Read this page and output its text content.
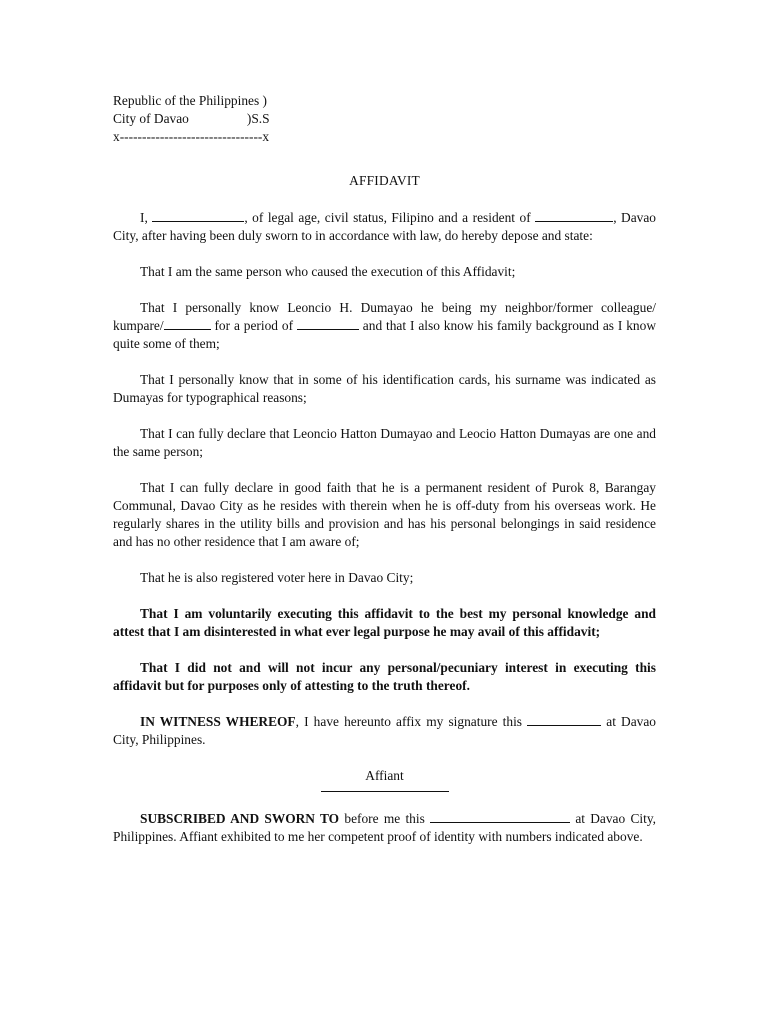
Republic of the Philippines )
City of Davao	)S.S
x--------------------------------x
AFFIDAVIT

I,	, of legal age, civil status, Filipino and a resident of	, Davao City, after having been duly sworn to in accordance with law, do hereby depose and state:

That I am the same person who caused the execution of this Affidavit;

That I personally know Leoncio H. Dumayao he being my neighbor/former colleague/ kumpare/	for a period of	and that I also know his family background as I know quite some of them;

That I personally know that in some of his identification cards, his surname was indicated as Dumayas for typographical reasons;

That I can fully declare that Leoncio Hatton Dumayao and Leocio Hatton Dumayas are one and the same person;

That I can fully declare in good faith that he is a permanent resident of Purok 8, Barangay Communal, Davao City as he resides with therein when he is off-duty from his overseas work. He regularly shares in the utility bills and provision and has his personal belongings in said residence and has no other residence that I am aware of;

That he is also registered voter here in Davao City;

That I am voluntarily executing this affidavit to the best my personal knowledge and attest that I am disinterested in what ever legal purpose he may avail of this affidavit;

That I did not and will not incur any personal/pecuniary interest in executing this affidavit but for purposes only of attesting to the truth thereof.

IN WITNESS WHEREOF, I have hereunto affix my signature this	at Davao City, Philippines.

Affiant

SUBSCRIBED AND SWORN TO before me this	at Davao City, Philippines. Affiant exhibited to me her competent proof of identity with numbers indicated above.
